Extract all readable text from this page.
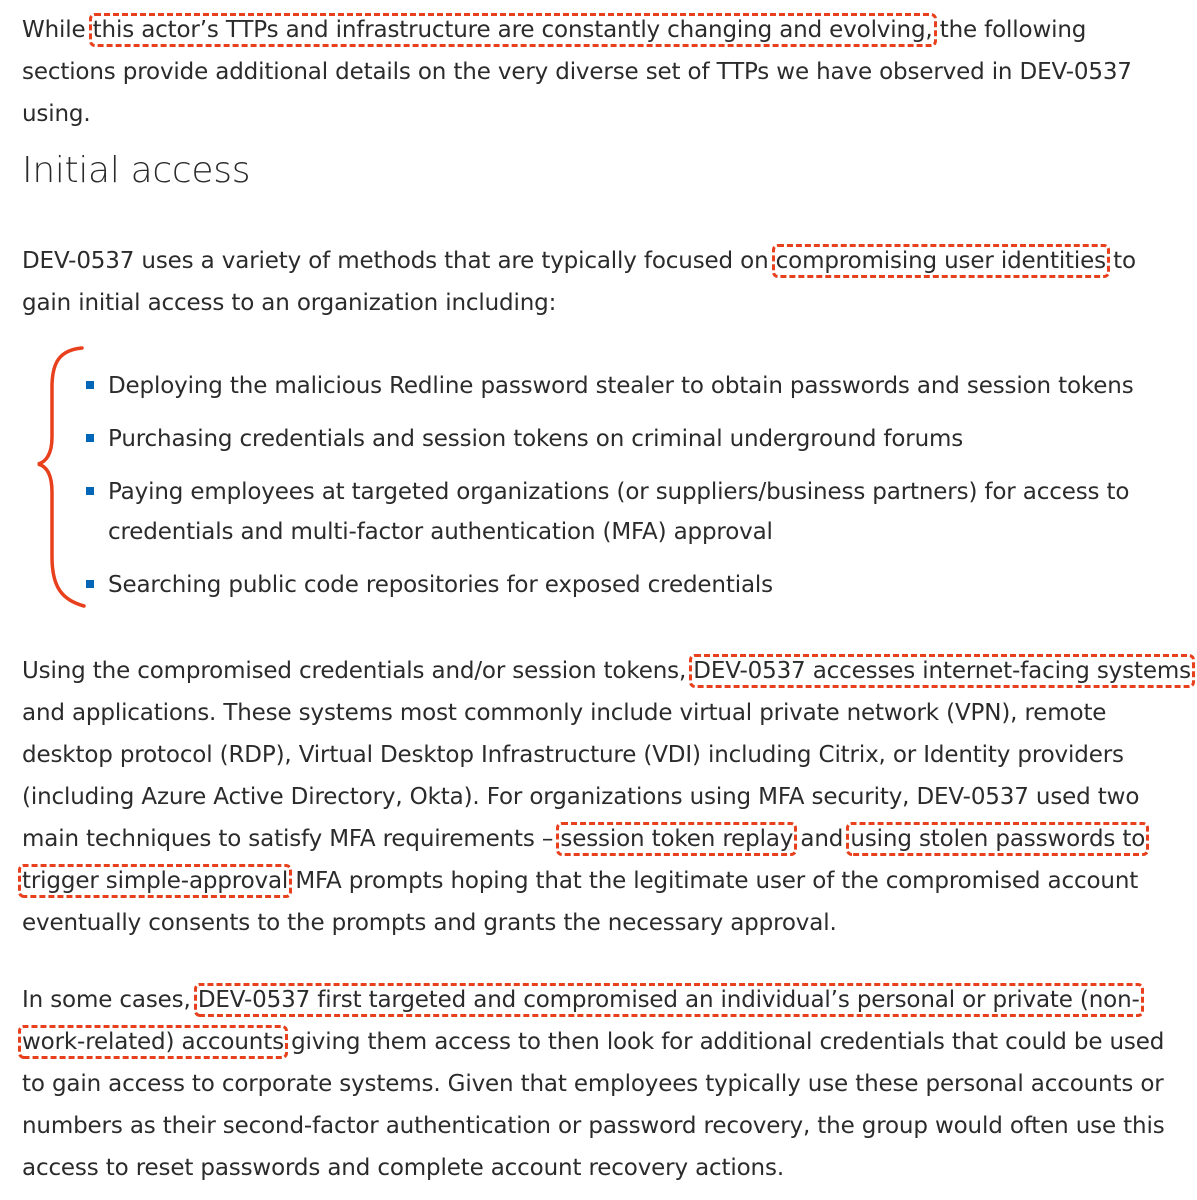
While this actor’s TTPs and infrastructure are constantly changing and evolving, the following sections provide additional details on the very diverse set of TTPs we have observed in DEV-0537 using.

Initial access

DEV-0537 uses a variety of methods that are typically focused on compromising user identities to gain initial access to an organization including:

Deploying the malicious Redline password stealer to obtain passwords and session tokens
Purchasing credentials and session tokens on criminal underground forums
Paying employees at targeted organizations (or suppliers/business partners) for access to credentials and multi-factor authentication (MFA) approval
Searching public code repositories for exposed credentials

Using the compromised credentials and/or session tokens, DEV-0537 accesses internet-facing systems and applications. These systems most commonly include virtual private network (VPN), remote desktop protocol (RDP), Virtual Desktop Infrastructure (VDI) including Citrix, or Identity providers (including Azure Active Directory, Okta). For organizations using MFA security, DEV-0537 used two main techniques to satisfy MFA requirements – session token replay and using stolen passwords to trigger simple-approval MFA prompts hoping that the legitimate user of the compromised account eventually consents to the prompts and grants the necessary approval.

In some cases, DEV-0537 first targeted and compromised an individual’s personal or private (non-work-related) accounts giving them access to then look for additional credentials that could be used to gain access to corporate systems. Given that employees typically use these personal accounts or numbers as their second-factor authentication or password recovery, the group would often use this access to reset passwords and complete account recovery actions.
